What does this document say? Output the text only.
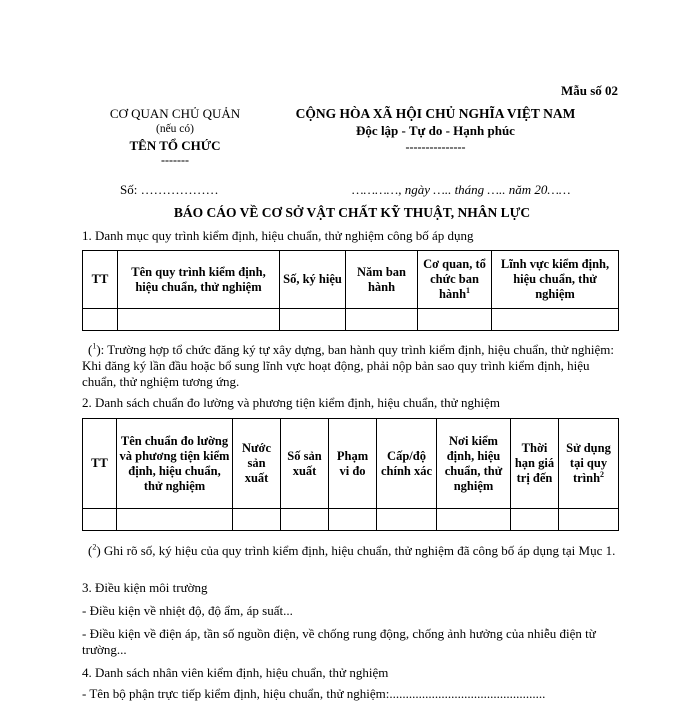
Mẫu số 02
CƠ QUAN CHỦ QUẢN
(nếu có)
TÊN TỔ CHỨC
-------
CỘNG HÒA XÃ HỘI CHỦ NGHĨA VIỆT NAM
Độc lập - Tự do - Hạnh phúc
---------------
Số: ………………	…………, ngày ….. tháng ….. năm 20……
BÁO CÁO VỀ CƠ SỞ VẬT CHẤT KỸ THUẬT, NHÂN LỰC
1. Danh mục quy trình kiểm định, hiệu chuẩn, thử nghiệm công bố áp dụng
TT	Tên quy trình kiểm định, hiệu chuẩn, thử nghiệm	Số, ký hiệu	Năm ban hành	Cơ quan, tổ chức ban hành$^1$	Lĩnh vực kiểm định, hiệu chuẩn, thử nghiệm

($^1$): Trường hợp tổ chức đăng ký tự xây dựng, ban hành quy trình kiểm định, hiệu chuẩn, thử nghiệm: Khi đăng ký lần đầu hoặc bổ sung lĩnh vực hoạt động, phải nộp bản sao quy trình kiểm định, hiệu chuẩn, thử nghiệm tương ứng.
2. Danh sách chuẩn đo lường và phương tiện kiểm định, hiệu chuẩn, thử nghiệm
TT	Tên chuẩn đo lường và phương tiện kiểm định, hiệu chuẩn, thử nghiệm	Nước sản xuất	Số sản xuất	Phạm vi đo	Cấp/độ chính xác	Nơi kiểm định, hiệu chuẩn, thử nghiệm	Thời hạn giá trị đến	Sử dụng tại quy trình$^2$

($^2$) Ghi rõ số, ký hiệu của quy trình kiểm định, hiệu chuẩn, thử nghiệm đã công bố áp dụng tại Mục 1.
3. Điều kiện môi trường
- Điều kiện về nhiệt độ, độ ẩm, áp suất...
- Điều kiện về điện áp, tần số nguồn điện, về chống rung động, chống ảnh hưởng của nhiễu điện từ trường...
4. Danh sách nhân viên kiểm định, hiệu chuẩn, thử nghiệm
- Tên bộ phận trực tiếp kiểm định, hiệu chuẩn, thử nghiệm:................................................
